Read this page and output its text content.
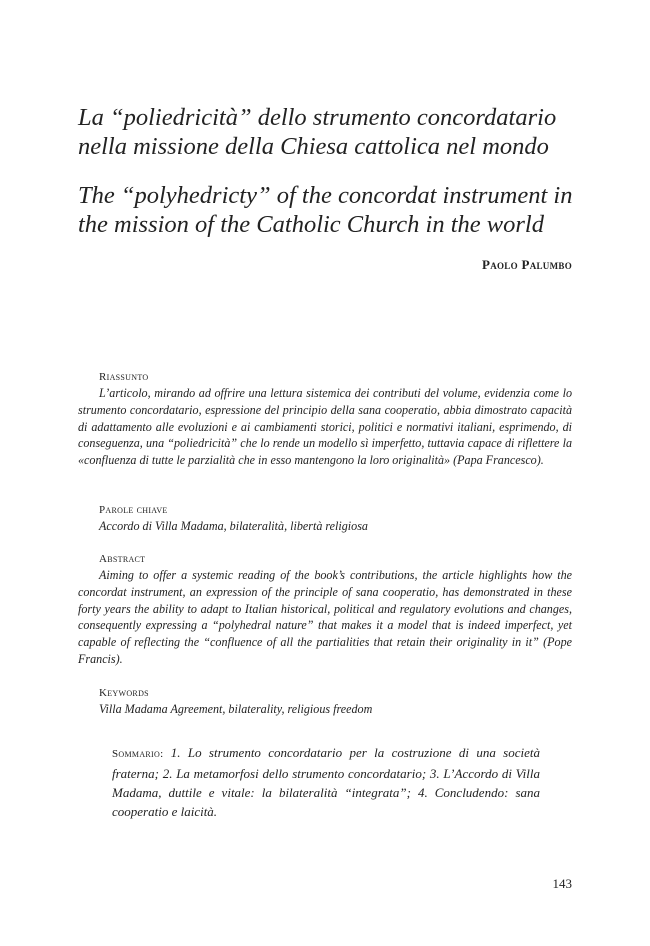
La “poliedricità” dello strumento concordatario nella missione della Chiesa cattolica nel mondo
The “polyhedricty” of the concordat instrument in the mission of the Catholic Church in the world
Paolo Palumbo
Riassunto

L’articolo, mirando ad offrire una lettura sistemica dei contributi del volume, evidenzia come lo strumento concordatario, espressione del principio della sana cooperatio, abbia dimostrato capacità di adattamento alle evoluzioni e ai cambiamenti storici, politici e normativi italiani, esprimendo, di conseguenza, una “poliedricità” che lo rende un modello sì imperfetto, tuttavia capace di riflettere la «confluenza di tutte le parzialità che in esso mantengono la loro originalità» (Papa Francesco).

Parole chiave

Accordo di Villa Madama, bilateralità, libertà religiosa

Abstract

Aiming to offer a systemic reading of the book’s contributions, the article highlights how the concordat instrument, an expression of the principle of sana cooperatio, has demonstrated in these forty years the ability to adapt to Italian historical, political and regulatory evolutions and changes, consequently expressing a “polyhedral nature” that makes it a model that is indeed imperfect, yet capable of reflecting the “confluence of all the partialities that retain their originality in it” (Pope Francis).

Keywords

Villa Madama Agreement, bilaterality, religious freedom

Sommario: 1. Lo strumento concordatario per la costruzione di una società fraterna; 2. La metamorfosi dello strumento concordatario; 3. L’Accordo di Villa Madama, duttile e vitale: la bilateralità “integrata”; 4. Concludendo: sana cooperatio e laicità.
143
